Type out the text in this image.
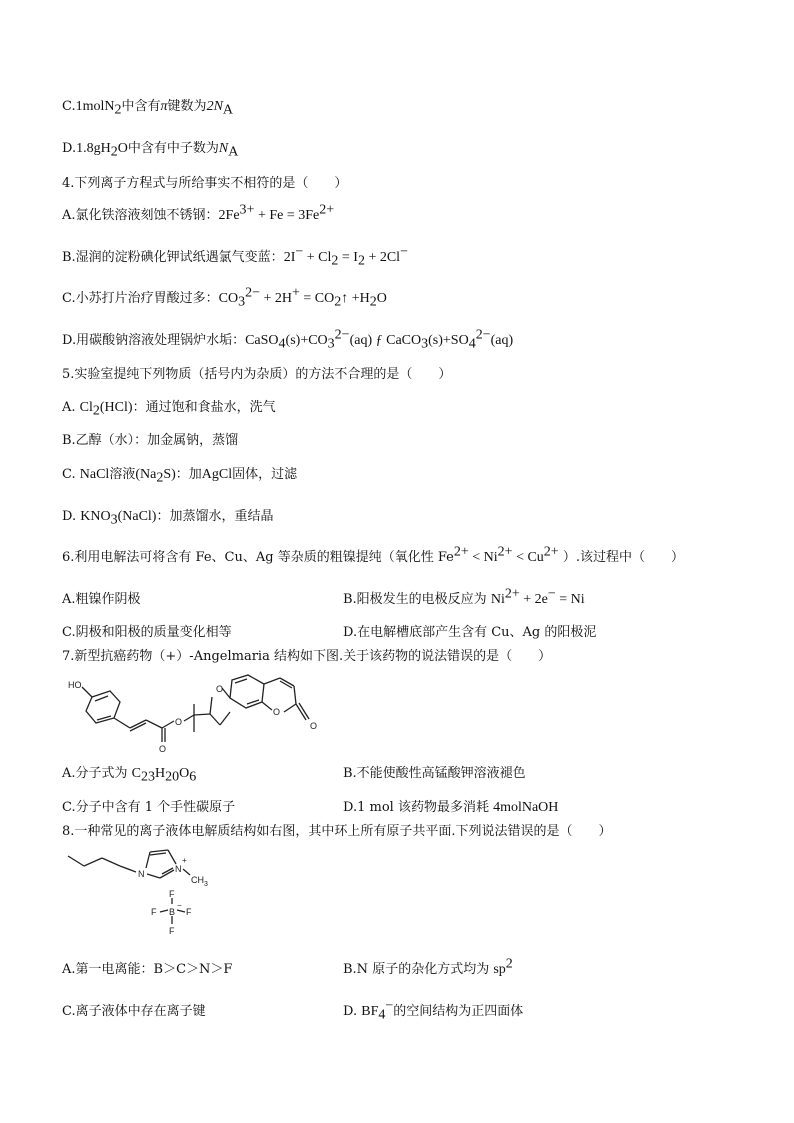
C.1molN$_2$中含有π键数为$2N_A$
$D.1.8gH_2O$中含有中子数为$N_A$
4.下列离子方程式与所给事实不相符的是（　　）
A.氯化铁溶液刻蚀不锈钢：$2Fe^{3+} + Fe = 3Fe^{2+}$
B.湿润的淀粉碘化钾试纸遇氯气变蓝：$2I^- + Cl_2 = I_2 + 2Cl^-$
C.小苏打片治疗胃酸过多：$CO_3^{2-} + 2H^+$ = $CO_2↑ +H_2O$
D.用碳酸钠溶液处理锅炉水垢：$CaSO_4(s)+CO_3^{2-}(aq)$ ƒ $CaCO_3(s)+SO_4^{2-}(aq)$
5.实验室提纯下列物质（括号内为杂质）的方法不合理的是（　　）
A. $Cl_2(HCl)$：通过饱和食盐水，洗气
B.乙醇（水）：加金属钠，蒸馏
C. NaCl溶液$(Na_2S)$：加AgCl固体，过滤
D. $KNO_3(NaCl)$：加蒸馏水，重结晶
6.利用电解法可将含有 Fe、Cu、Ag 等杂质的粗镍提纯（氧化性 $Fe^{2+} < Ni^{2+} < Cu^{2+}$ ）.该过程中（　　）
A.粗镍作阴极	B.阳极发生的电极反应为 $Ni^{2+} + 2e^- = Ni$
C.阴极和阳极的质量变化相等	D.在电解槽底部产生含有 Cu、Ag 的阳极泥
7.新型抗癌药物（+）-Angelmaria 结构如下图.关于该药物的说法错误的是（　　）
HO
O
O
O
O
O
A.分子式为 $C_{23}H_{20}O_6$	B.不能使酸性高锰酸钾溶液褪色
C.分子中含有 1 个手性碳原子	D.1 mol 该药物最多消耗 4molNaOH
8.一种常见的离子液体电解质结构如右图，其中环上所有原子共平面.下列说法错误的是（　　）
N	N
+
CH 3
F
F B
−
F
F
A.第一电离能：B＞C＞N＞F	B.N 原子的杂化方式均为 $sp^2$
C.离子液体中存在离子键	D. $BF_4^-$的空间结构为正四面体
